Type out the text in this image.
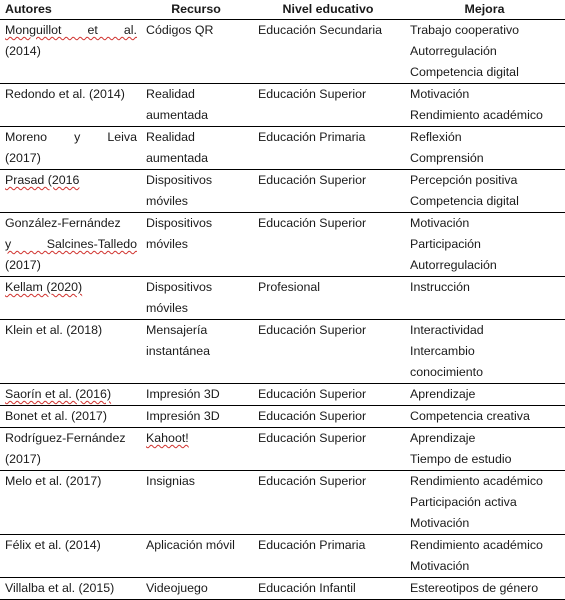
Autores	Recurso	Nivel educativo	Mejora

Monguillot et al.
(2014)	Códigos QR	Educación Secundaria	Trabajo cooperativo
Autorregulación
Competencia digital

Redondo et al. (2014)	Realidad
aumentada	Educación Superior	Motivación
Rendimiento académico

Moreno y Leiva
(2017)	Realidad
aumentada	Educación Primaria	Reflexión
Comprensión

Prasad (2016	Dispositivos
móviles	Educación Superior	Percepción positiva
Competencia digital

González-Fernández
y Salcines-Talledo
(2017)	Dispositivos
móviles	Educación Superior	Motivación
Participación
Autorregulación

Kellam (2020)	Dispositivos
móviles	Profesional	Instrucción

Klein et al. (2018)	Mensajería
instantánea	Educación Superior	Interactividad
Intercambio
conocimiento

Saorín et al. (2016)	Impresión 3D	Educación Superior	Aprendizaje

Bonet et al. (2017)	Impresión 3D	Educación Superior	Competencia creativa

Rodríguez-Fernández
(2017)	Kahoot!	Educación Superior	Aprendizaje
Tiempo de estudio

Melo et al. (2017)	Insignias	Educación Superior	Rendimiento académico
Participación activa
Motivación

Félix et al. (2014)	Aplicación móvil	Educación Primaria	Rendimiento académico
Motivación

Villalba et al. (2015)	Videojuego	Educación Infantil	Estereotipos de género
